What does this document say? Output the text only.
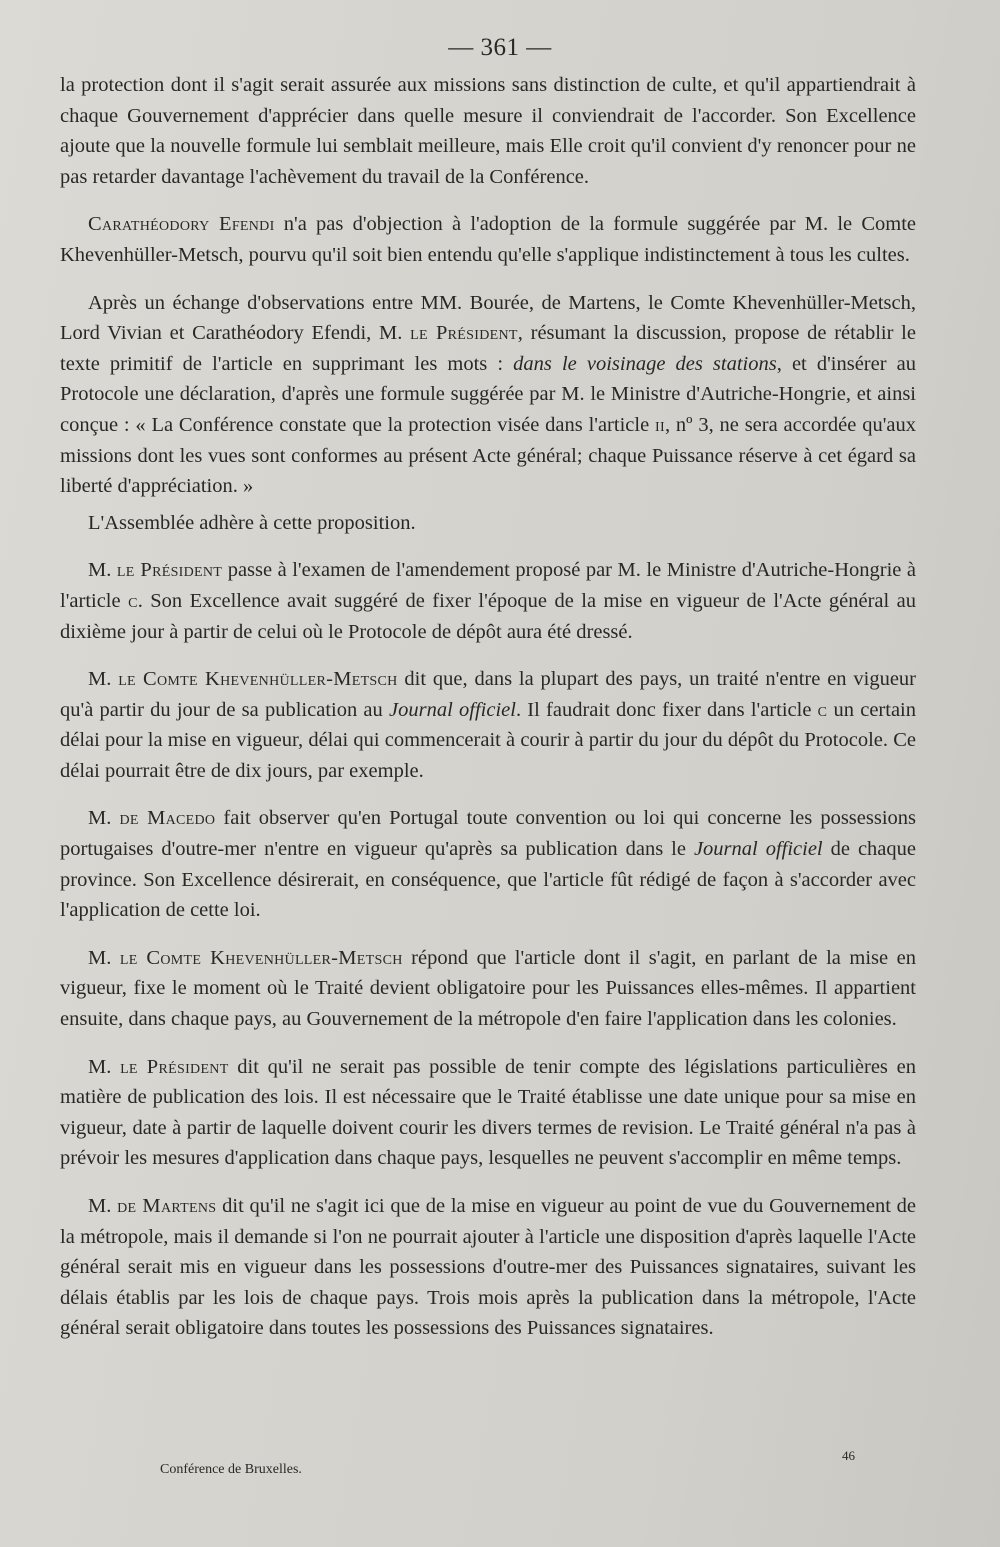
— 361 —

la protection dont il s'agit serait assurée aux missions sans distinction de culte, et qu'il appartiendrait à chaque Gouvernement d'apprécier dans quelle mesure il conviendrait de l'accorder. Son Excellence ajoute que la nouvelle formule lui semblait meilleure, mais Elle croit qu'il convient d'y renoncer pour ne pas retarder davantage l'achèvement du travail de la Conférence.

Carathéodory Efendi n'a pas d'objection à l'adoption de la formule suggérée par M. le Comte Khevenhüller-Metsch, pourvu qu'il soit bien entendu qu'elle s'applique indistinctement à tous les cultes.

Après un échange d'observations entre MM. Bourée, de Martens, le Comte Khevenhüller-Metsch, Lord Vivian et Carathéodory Efendi, M. le Président, résumant la discussion, propose de rétablir le texte primitif de l'article en supprimant les mots : dans le voisinage des stations, et d'insérer au Protocole une déclaration, d'après une formule suggérée par M. le Ministre d'Autriche-Hongrie, et ainsi conçue : « La Conférence constate que la protection visée dans l'article ii, nº 3, ne sera accordée qu'aux missions dont les vues sont conformes au présent Acte général; chaque Puissance réserve à cet égard sa liberté d'appréciation. »

L'Assemblée adhère à cette proposition.

M. le Président passe à l'examen de l'amendement proposé par M. le Ministre d'Autriche-Hongrie à l'article c. Son Excellence avait suggéré de fixer l'époque de la mise en vigueur de l'Acte général au dixième jour à partir de celui où le Protocole de dépôt aura été dressé.

M. le Comte Khevenhüller-Metsch dit que, dans la plupart des pays, un traité n'entre en vigueur qu'à partir du jour de sa publication au Journal officiel. Il faudrait donc fixer dans l'article c un certain délai pour la mise en vigueur, délai qui commencerait à courir à partir du jour du dépôt du Protocole. Ce délai pourrait être de dix jours, par exemple.

M. de Macedo fait observer qu'en Portugal toute convention ou loi qui concerne les possessions portugaises d'outre-mer n'entre en vigueur qu'après sa publication dans le Journal officiel de chaque province. Son Excellence désirerait, en conséquence, que l'article fût rédigé de façon à s'accorder avec l'application de cette loi.

M. le Comte Khevenhüller-Metsch répond que l'article dont il s'agit, en parlant de la mise en vigueur, fixe le moment où le Traité devient obligatoire pour les Puissances elles-mêmes. Il appartient ensuite, dans chaque pays, au Gouvernement de la métropole d'en faire l'application dans les colonies.

M. le Président dit qu'il ne serait pas possible de tenir compte des législations particulières en matière de publication des lois. Il est nécessaire que le Traité établisse une date unique pour sa mise en vigueur, date à partir de laquelle doivent courir les divers termes de revision. Le Traité général n'a pas à prévoir les mesures d'application dans chaque pays, lesquelles ne peuvent s'accomplir en même temps.

M. de Martens dit qu'il ne s'agit ici que de la mise en vigueur au point de vue du Gouvernement de la métropole, mais il demande si l'on ne pourrait ajouter à l'article une disposition d'après laquelle l'Acte général serait mis en vigueur dans les possessions d'outre-mer des Puissances signataires, suivant les délais établis par les lois de chaque pays. Trois mois après la publication dans la métropole, l'Acte général serait obligatoire dans toutes les possessions des Puissances signataires.

46
Conférence de Bruxelles.
